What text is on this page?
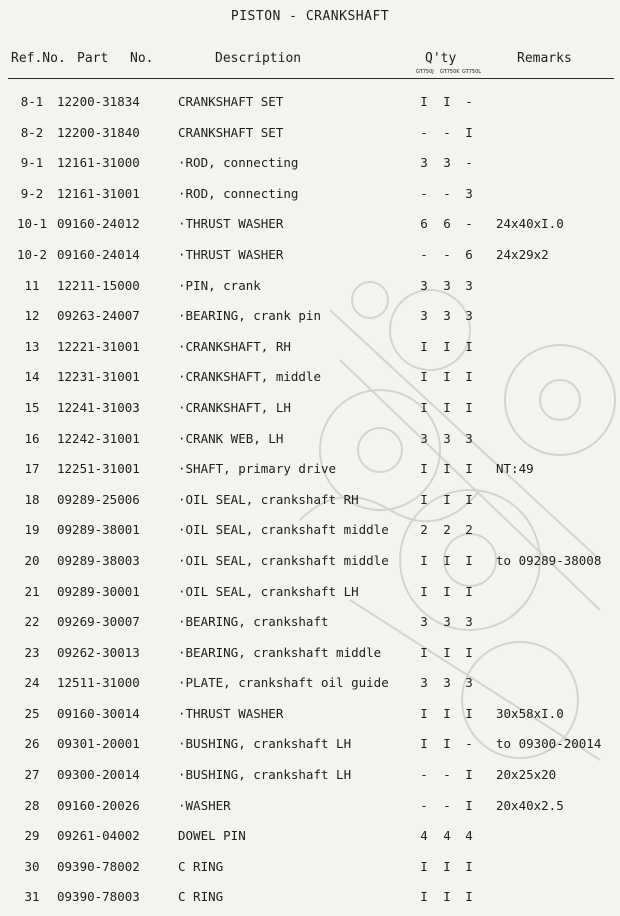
PISTON - CRANKSHAFT
Ref.No. Part No.	Description	Q'ty	Remarks
GT750J GT750K GT750L
8-1	12200-31834	CRANKSHAFT SET	I I -
8-2	12200-31840	CRANKSHAFT SET	- - I
9-1	12161-31000	·ROD, connecting	3 3 -
9-2	12161-31001	·ROD, connecting	- - 3
10-1 09160-24012	·THRUST WASHER	6 6 - 24x40xI.0
10-2 09160-24014	·THRUST WASHER	- - 6 24x29x2
11	12211-15000	·PIN, crank	3 3 3
12	09263-24007	·BEARING, crank pin	3 3 3
13	12221-31001	·CRANKSHAFT, RH	I I I
14	12231-31001	·CRANKSHAFT, middle	I I I
15	12241-31003	·CRANKSHAFT, LH	I I I
16	12242-31001	·CRANK WEB, LH	3 3 3
17	12251-31001	·SHAFT, primary drive	I I I NT:49
18	09289-25006	·OIL SEAL, crankshaft RH	I I I
19	09289-38001	·OIL SEAL, crankshaft middle	2 2 2
20	09289-38003	·OIL SEAL, crankshaft middle	I I I to 09289-38008
21	09289-30001	·OIL SEAL, crankshaft LH	I I I
22	09269-30007	·BEARING, crankshaft	3 3 3
23	09262-30013	·BEARING, crankshaft middle	I I I
24	12511-31000	·PLATE, crankshaft oil guide	3 3 3
25	09160-30014	·THRUST WASHER	I I I 30x58xI.0
26	09301-20001	·BUSHING, crankshaft LH	I I - to 09300-20014
27	09300-20014	·BUSHING, crankshaft LH	- - I 20x25x20
28	09160-20026	·WASHER	- - I 20x40x2.5
29	09261-04002	DOWEL PIN	4 4 4
30	09390-78002	C RING	I I I
31	09390-78003	C RING	I I I
